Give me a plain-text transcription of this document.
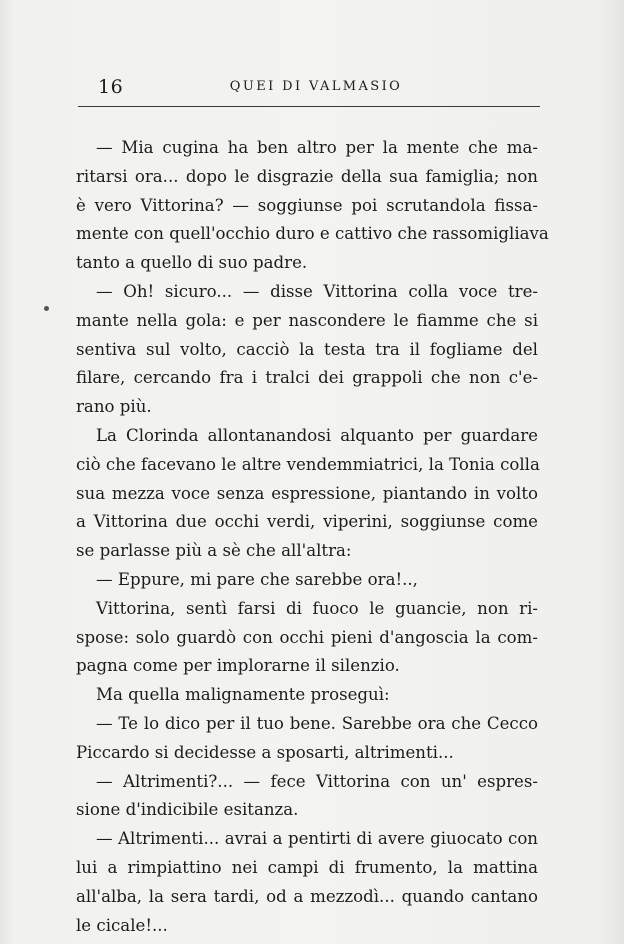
16	QUEI DI VALMASIO
— Mia cugina ha ben altro per la mente che ma-
ritarsi ora... dopo le disgrazie della sua famiglia; non
è vero Vittorina? — soggiunse poi scrutandola fissa-
mente con quell'occhio duro e cattivo che rassomigliava
tanto a quello di suo padre.
— Oh! sicuro... — disse Vittorina colla voce tre-
mante nella gola: e per nascondere le fiamme che si
sentiva sul volto, cacciò la testa tra il fogliame del
filare, cercando fra i tralci dei grappoli che non c'e-
rano più.
La Clorinda allontanandosi alquanto per guardare
ciò che facevano le altre vendemmiatrici, la Tonia colla
sua mezza voce senza espressione, piantando in volto
a Vittorina due occhi verdi, viperini, soggiunse come
se parlasse più a sè che all'altra:
— Eppure, mi pare che sarebbe ora!..,
Vittorina, sentì farsi di fuoco le guancie, non ri-
spose: solo guardò con occhi pieni d'angoscia la com-
pagna come per implorarne il silenzio.
Ma quella malignamente proseguì:
— Te lo dico per il tuo bene. Sarebbe ora che Cecco
Piccardo si decidesse a sposarti, altrimenti...
— Altrimenti?... — fece Vittorina con un' espres-
sione d'indicibile esitanza.
— Altrimenti... avrai a pentirti di avere giuocato con
lui a rimpiattino nei campi di frumento, la mattina
all'alba, la sera tardi, od a mezzodì... quando cantano
le cicale!...
